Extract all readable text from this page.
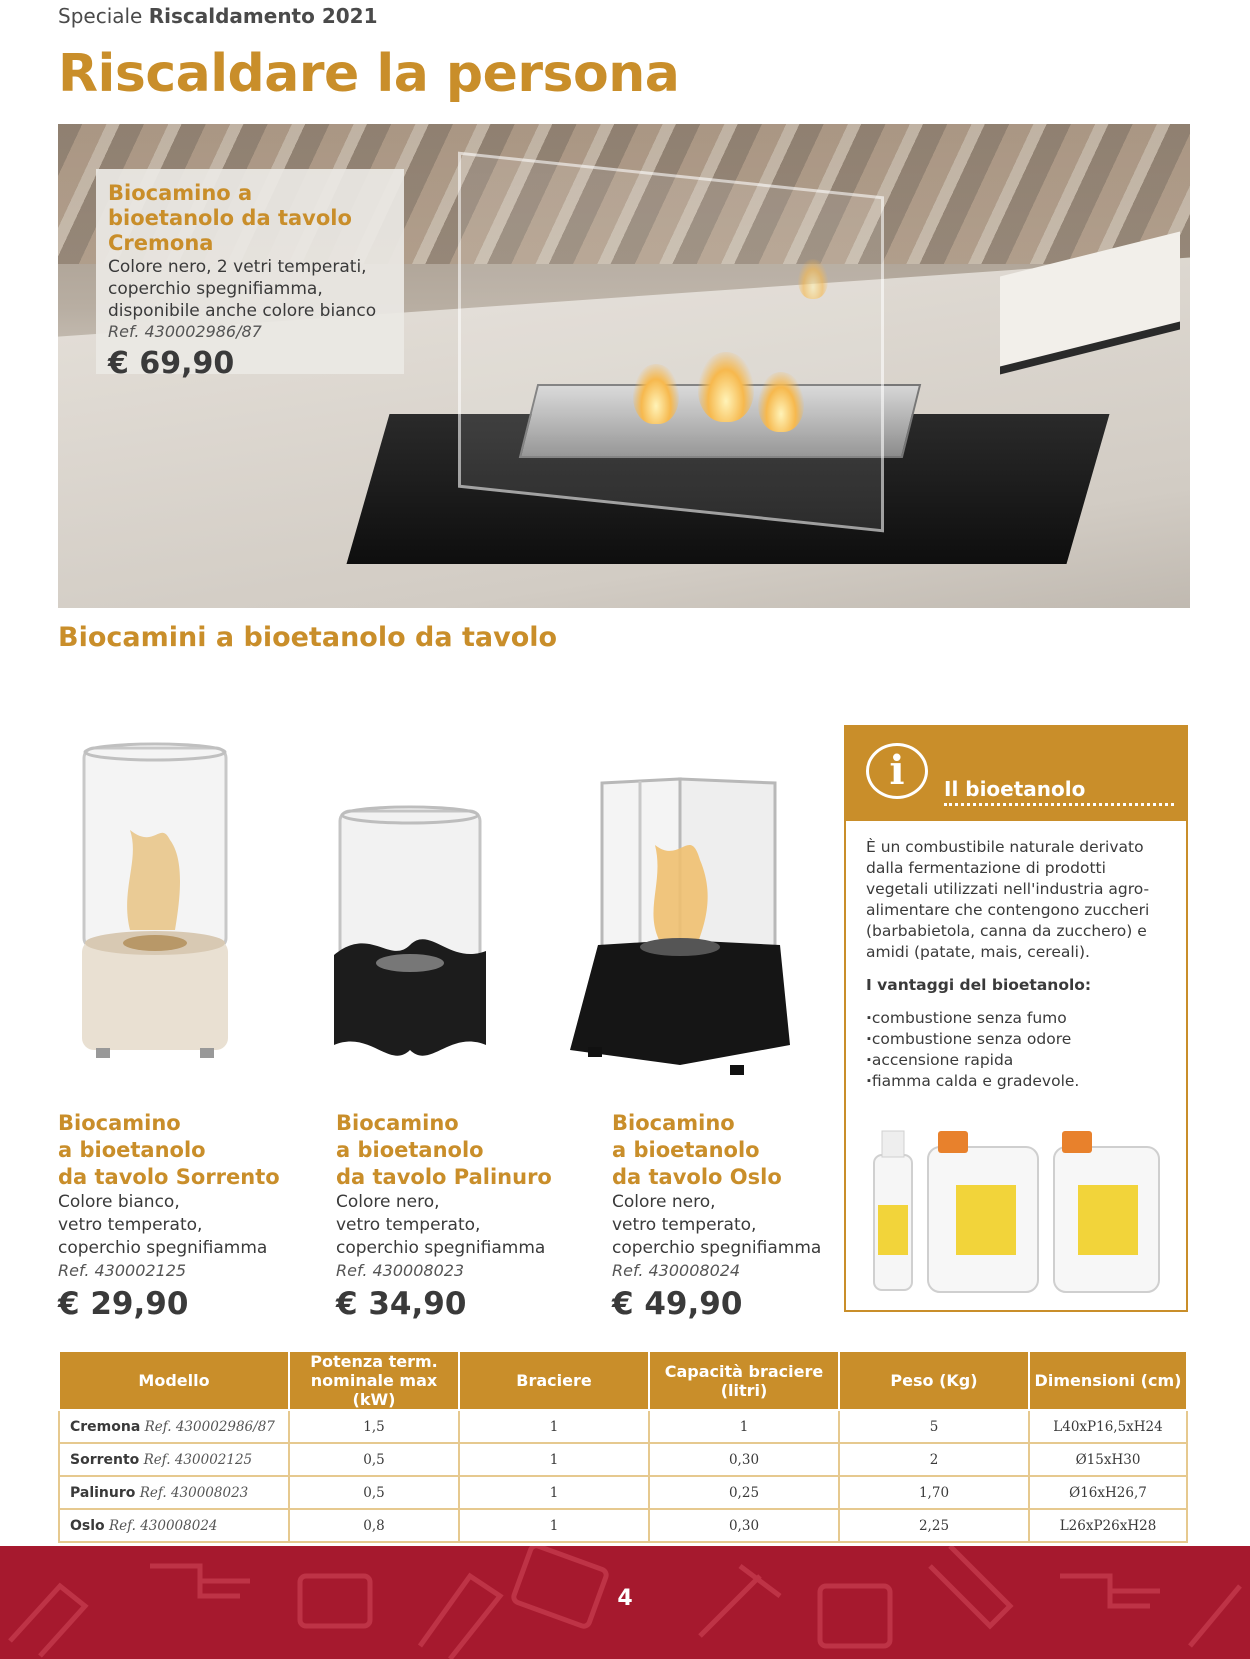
Speciale Riscaldamento 2021
Riscaldare la persona
Biocamino a bioetanolo da tavolo Cremona
Colore nero, 2 vetri temperati, coperchio spegnifiamma, disponibile anche colore bianco
Ref. 430002986/87
€ 69,90
Biocamini a bioetanolo da tavolo
Biocamino
a bioetanolo
da tavolo Sorrento
Colore bianco,
vetro temperato,
coperchio spegnifiamma
Ref. 430002125
€ 29,90
Biocamino
a bioetanolo
da tavolo Palinuro
Colore nero,
vetro temperato,
coperchio spegnifiamma
Ref. 430008023
€ 34,90
Biocamino
a bioetanolo
da tavolo Oslo
Colore nero,
vetro temperato,
coperchio spegnifiamma
Ref. 430008024
€ 49,90
i	Il bioetanolo

È un combustibile naturale derivato dalla fermentazione di prodotti vegetali utilizzati nell'industria agro-alimentare che contengono zuccheri (barbabietola, canna da zucchero) e amidi (patate, mais, cereali).

I vantaggi del bioetanolo:
· combustione senza fumo
· combustione senza odore
· accensione rapida
· fiamma calda e gradevole.
Modello	Potenza term. nominale max (kW)	Braciere	Capacità braciere (litri)	Peso (Kg)	Dimensioni (cm)
Cremona Ref. 430002986/87	1,5	1	1	5	L40xP16,5xH24
Sorrento Ref. 430002125	0,5	1	0,30	2	Ø15xH30
Palinuro Ref. 430008023	0,5	1	0,25	1,70	Ø16xH26,7
Oslo Ref. 430008024	0,8	1	0,30	2,25	L26xP26xH28
4
